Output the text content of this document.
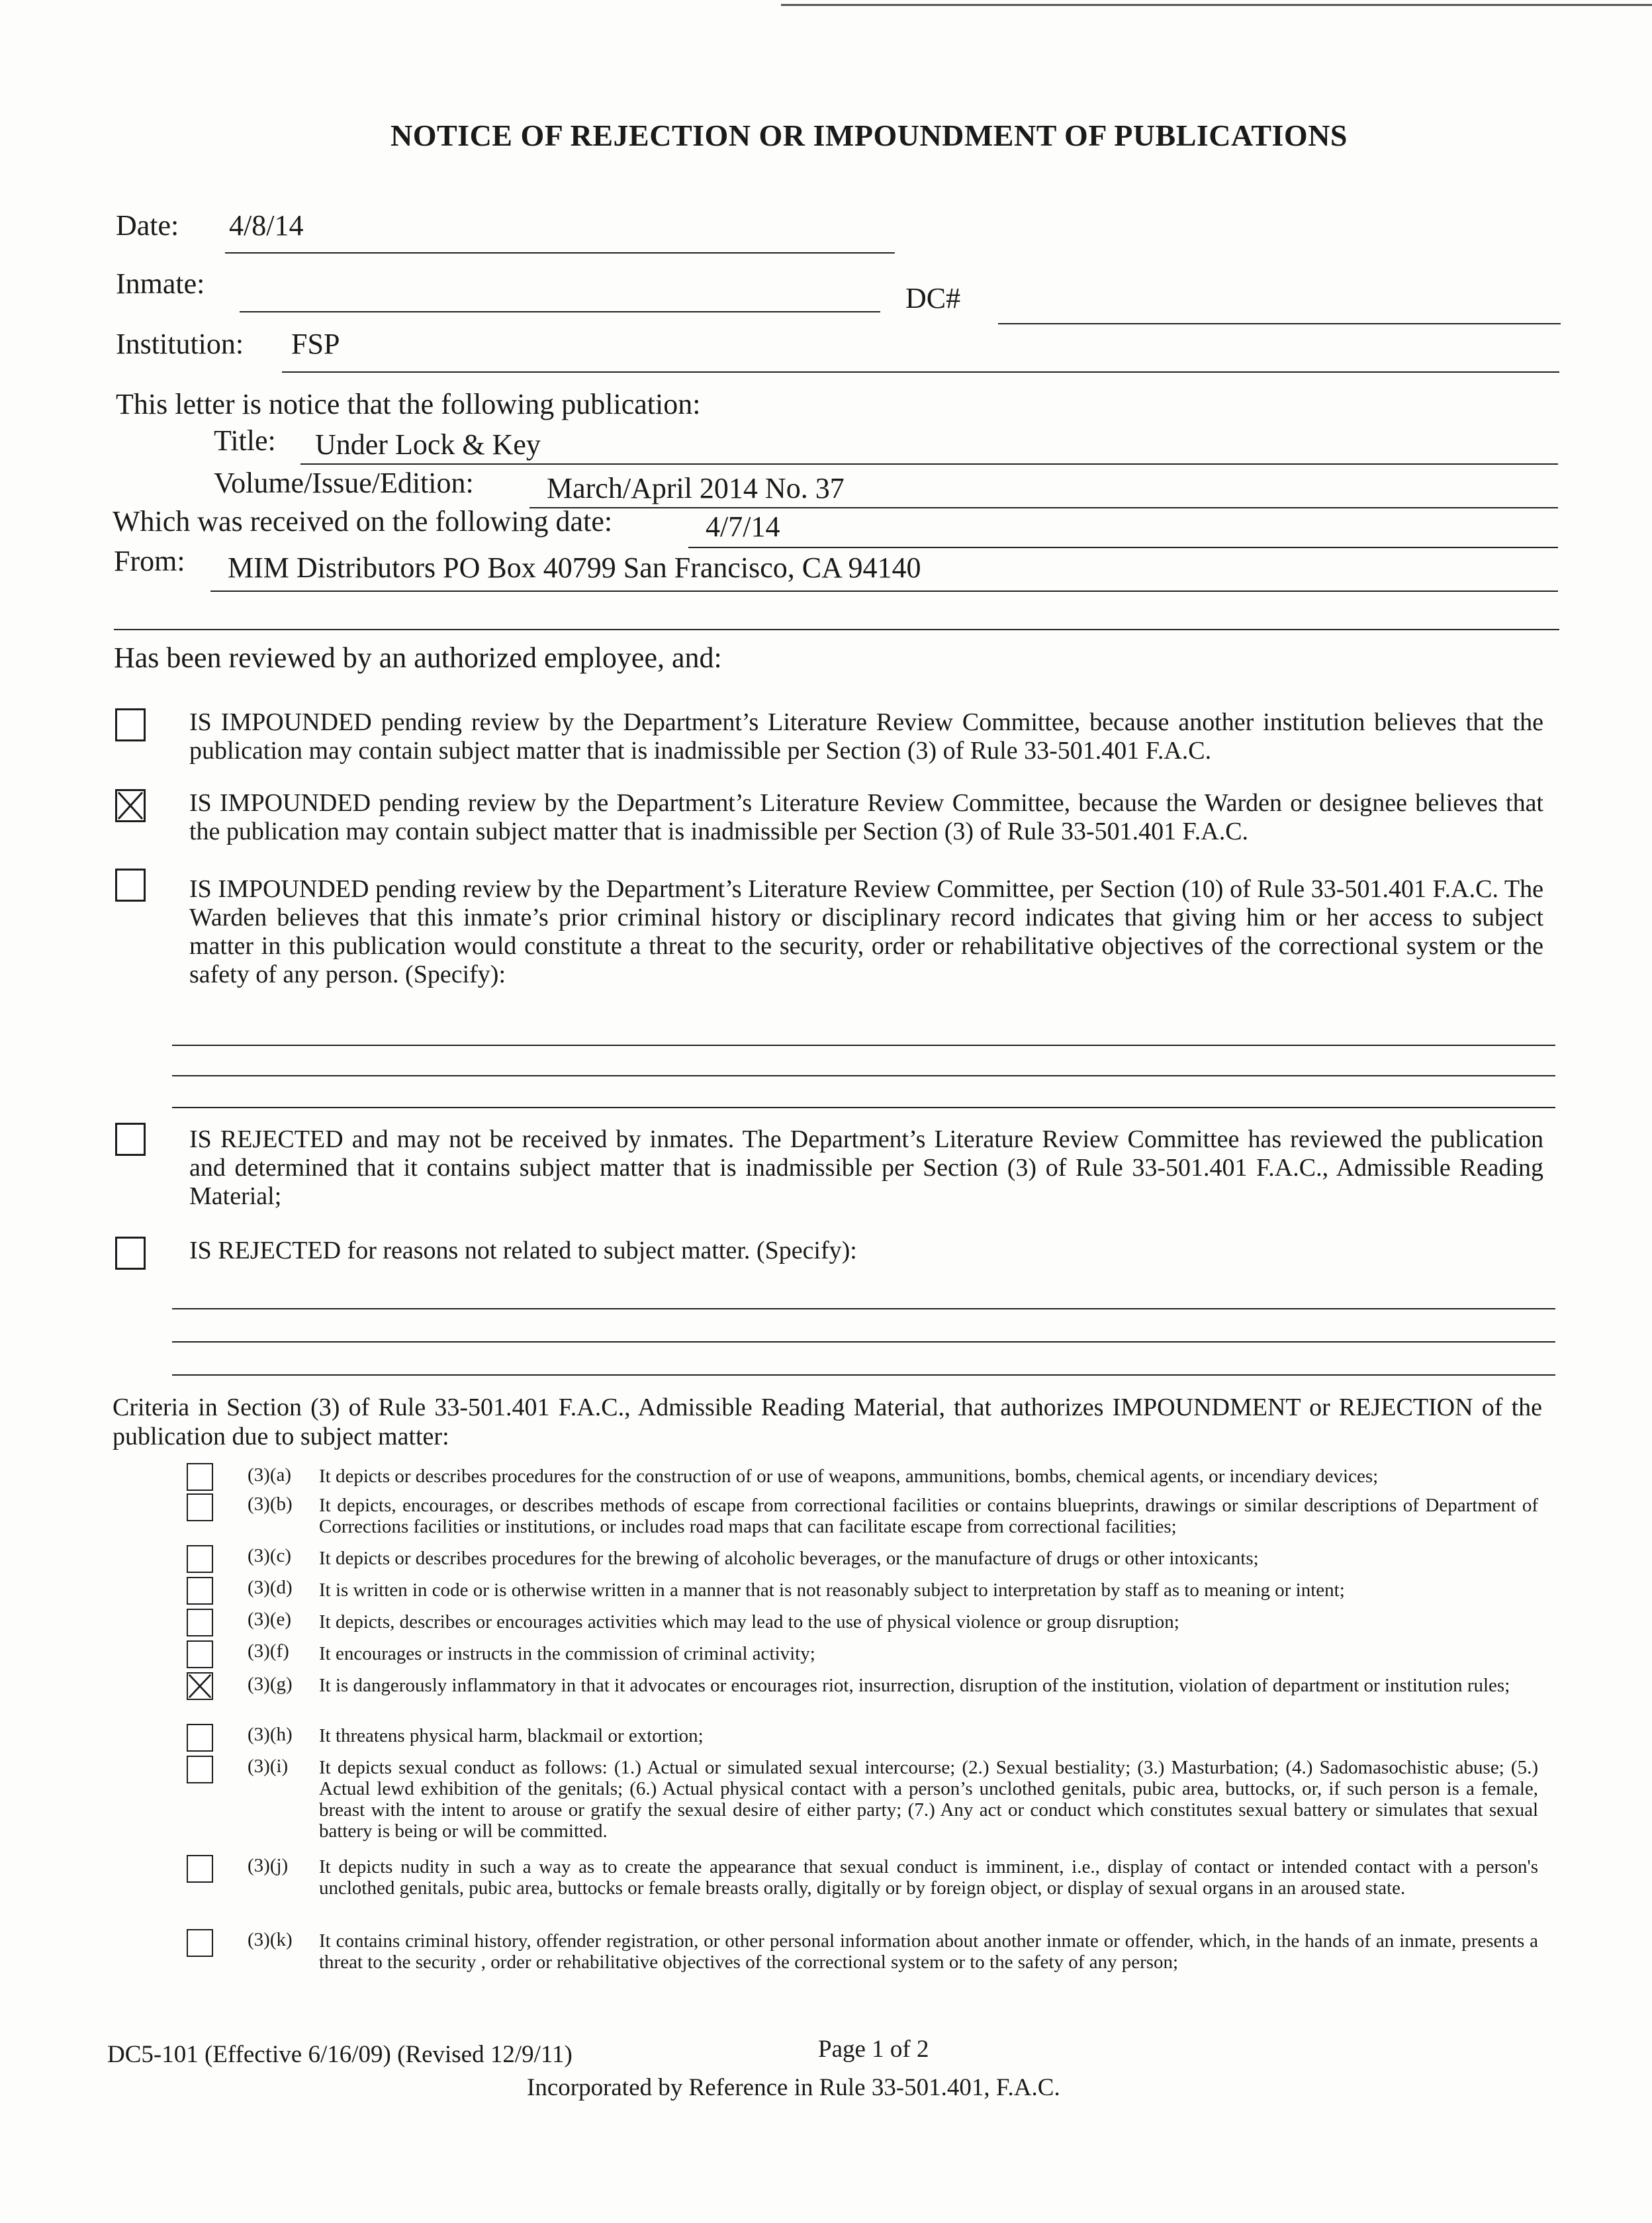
NOTICE OF REJECTION OR IMPOUNDMENT OF PUBLICATIONS
Date: 4/8/14
Inmate:	DC#
Institution: FSP
This letter is notice that the following publication:
Title: Under Lock & Key
Volume/Issue/Edition:	March/April 2014 No. 37
Which was received on the following date:	4/7/14
From: MIM Distributors PO Box 40799 San Francisco, CA 94140
Has been reviewed by an authorized employee, and:
IS IMPOUNDED pending review by the Department’s Literature Review Committee, because another institution believes that the publication may contain subject matter that is inadmissible per Section (3) of Rule 33-501.401 F.A.C.
IS IMPOUNDED pending review by the Department’s Literature Review Committee, because the Warden or designee believes that the publication may contain subject matter that is inadmissible per Section (3) of Rule 33-501.401 F.A.C.
IS IMPOUNDED pending review by the Department’s Literature Review Committee, per Section (10) of Rule 33-501.401 F.A.C. The Warden believes that this inmate’s prior criminal history or disciplinary record indicates that giving him or her access to subject matter in this publication would constitute a threat to the security, order or rehabilitative objectives of the correctional system or the safety of any person. (Specify):
IS REJECTED and may not be received by inmates. The Department’s Literature Review Committee has reviewed the publication and determined that it contains subject matter that is inadmissible per Section (3) of Rule 33-501.401 F.A.C., Admissible Reading Material;
IS REJECTED for reasons not related to subject matter. (Specify):
Criteria in Section (3) of Rule 33-501.401 F.A.C., Admissible Reading Material, that authorizes IMPOUNDMENT or REJECTION of the publication due to subject matter:
(3)(a) It depicts or describes procedures for the construction of or use of weapons, ammunitions, bombs, chemical agents, or incendiary devices;
(3)(b) It depicts, encourages, or describes methods of escape from correctional facilities or contains blueprints, drawings or similar descriptions of Department of Corrections facilities or institutions, or includes road maps that can facilitate escape from correctional facilities;
(3)(c) It depicts or describes procedures for the brewing of alcoholic beverages, or the manufacture of drugs or other intoxicants;
(3)(d) It is written in code or is otherwise written in a manner that is not reasonably subject to interpretation by staff as to meaning or intent;
(3)(e) It depicts, describes or encourages activities which may lead to the use of physical violence or group disruption;
(3)(f) It encourages or instructs in the commission of criminal activity;
(3)(g) It is dangerously inflammatory in that it advocates or encourages riot, insurrection, disruption of the institution, violation of department or institution rules;
(3)(h) It threatens physical harm, blackmail or extortion;
(3)(i) It depicts sexual conduct as follows: (1.) Actual or simulated sexual intercourse; (2.) Sexual bestiality; (3.) Masturbation; (4.) Sadomasochistic abuse; (5.) Actual lewd exhibition of the genitals; (6.) Actual physical contact with a person’s unclothed genitals, pubic area, buttocks, or, if such person is a female, breast with the intent to arouse or gratify the sexual desire of either party; (7.) Any act or conduct which constitutes sexual battery or simulates that sexual battery is being or will be committed.
(3)(j) It depicts nudity in such a way as to create the appearance that sexual conduct is imminent, i.e., display of contact or intended contact with a person's unclothed genitals, pubic area, buttocks or female breasts orally, digitally or by foreign object, or display of sexual organs in an aroused state.
(3)(k) It contains criminal history, offender registration, or other personal information about another inmate or offender, which, in the hands of an inmate, presents a threat to the security , order or rehabilitative objectives of the correctional system or to the safety of any person;
DC5-101 (Effective 6/16/09) (Revised 12/9/11)	Page 1 of 2
Incorporated by Reference in Rule 33-501.401, F.A.C.
